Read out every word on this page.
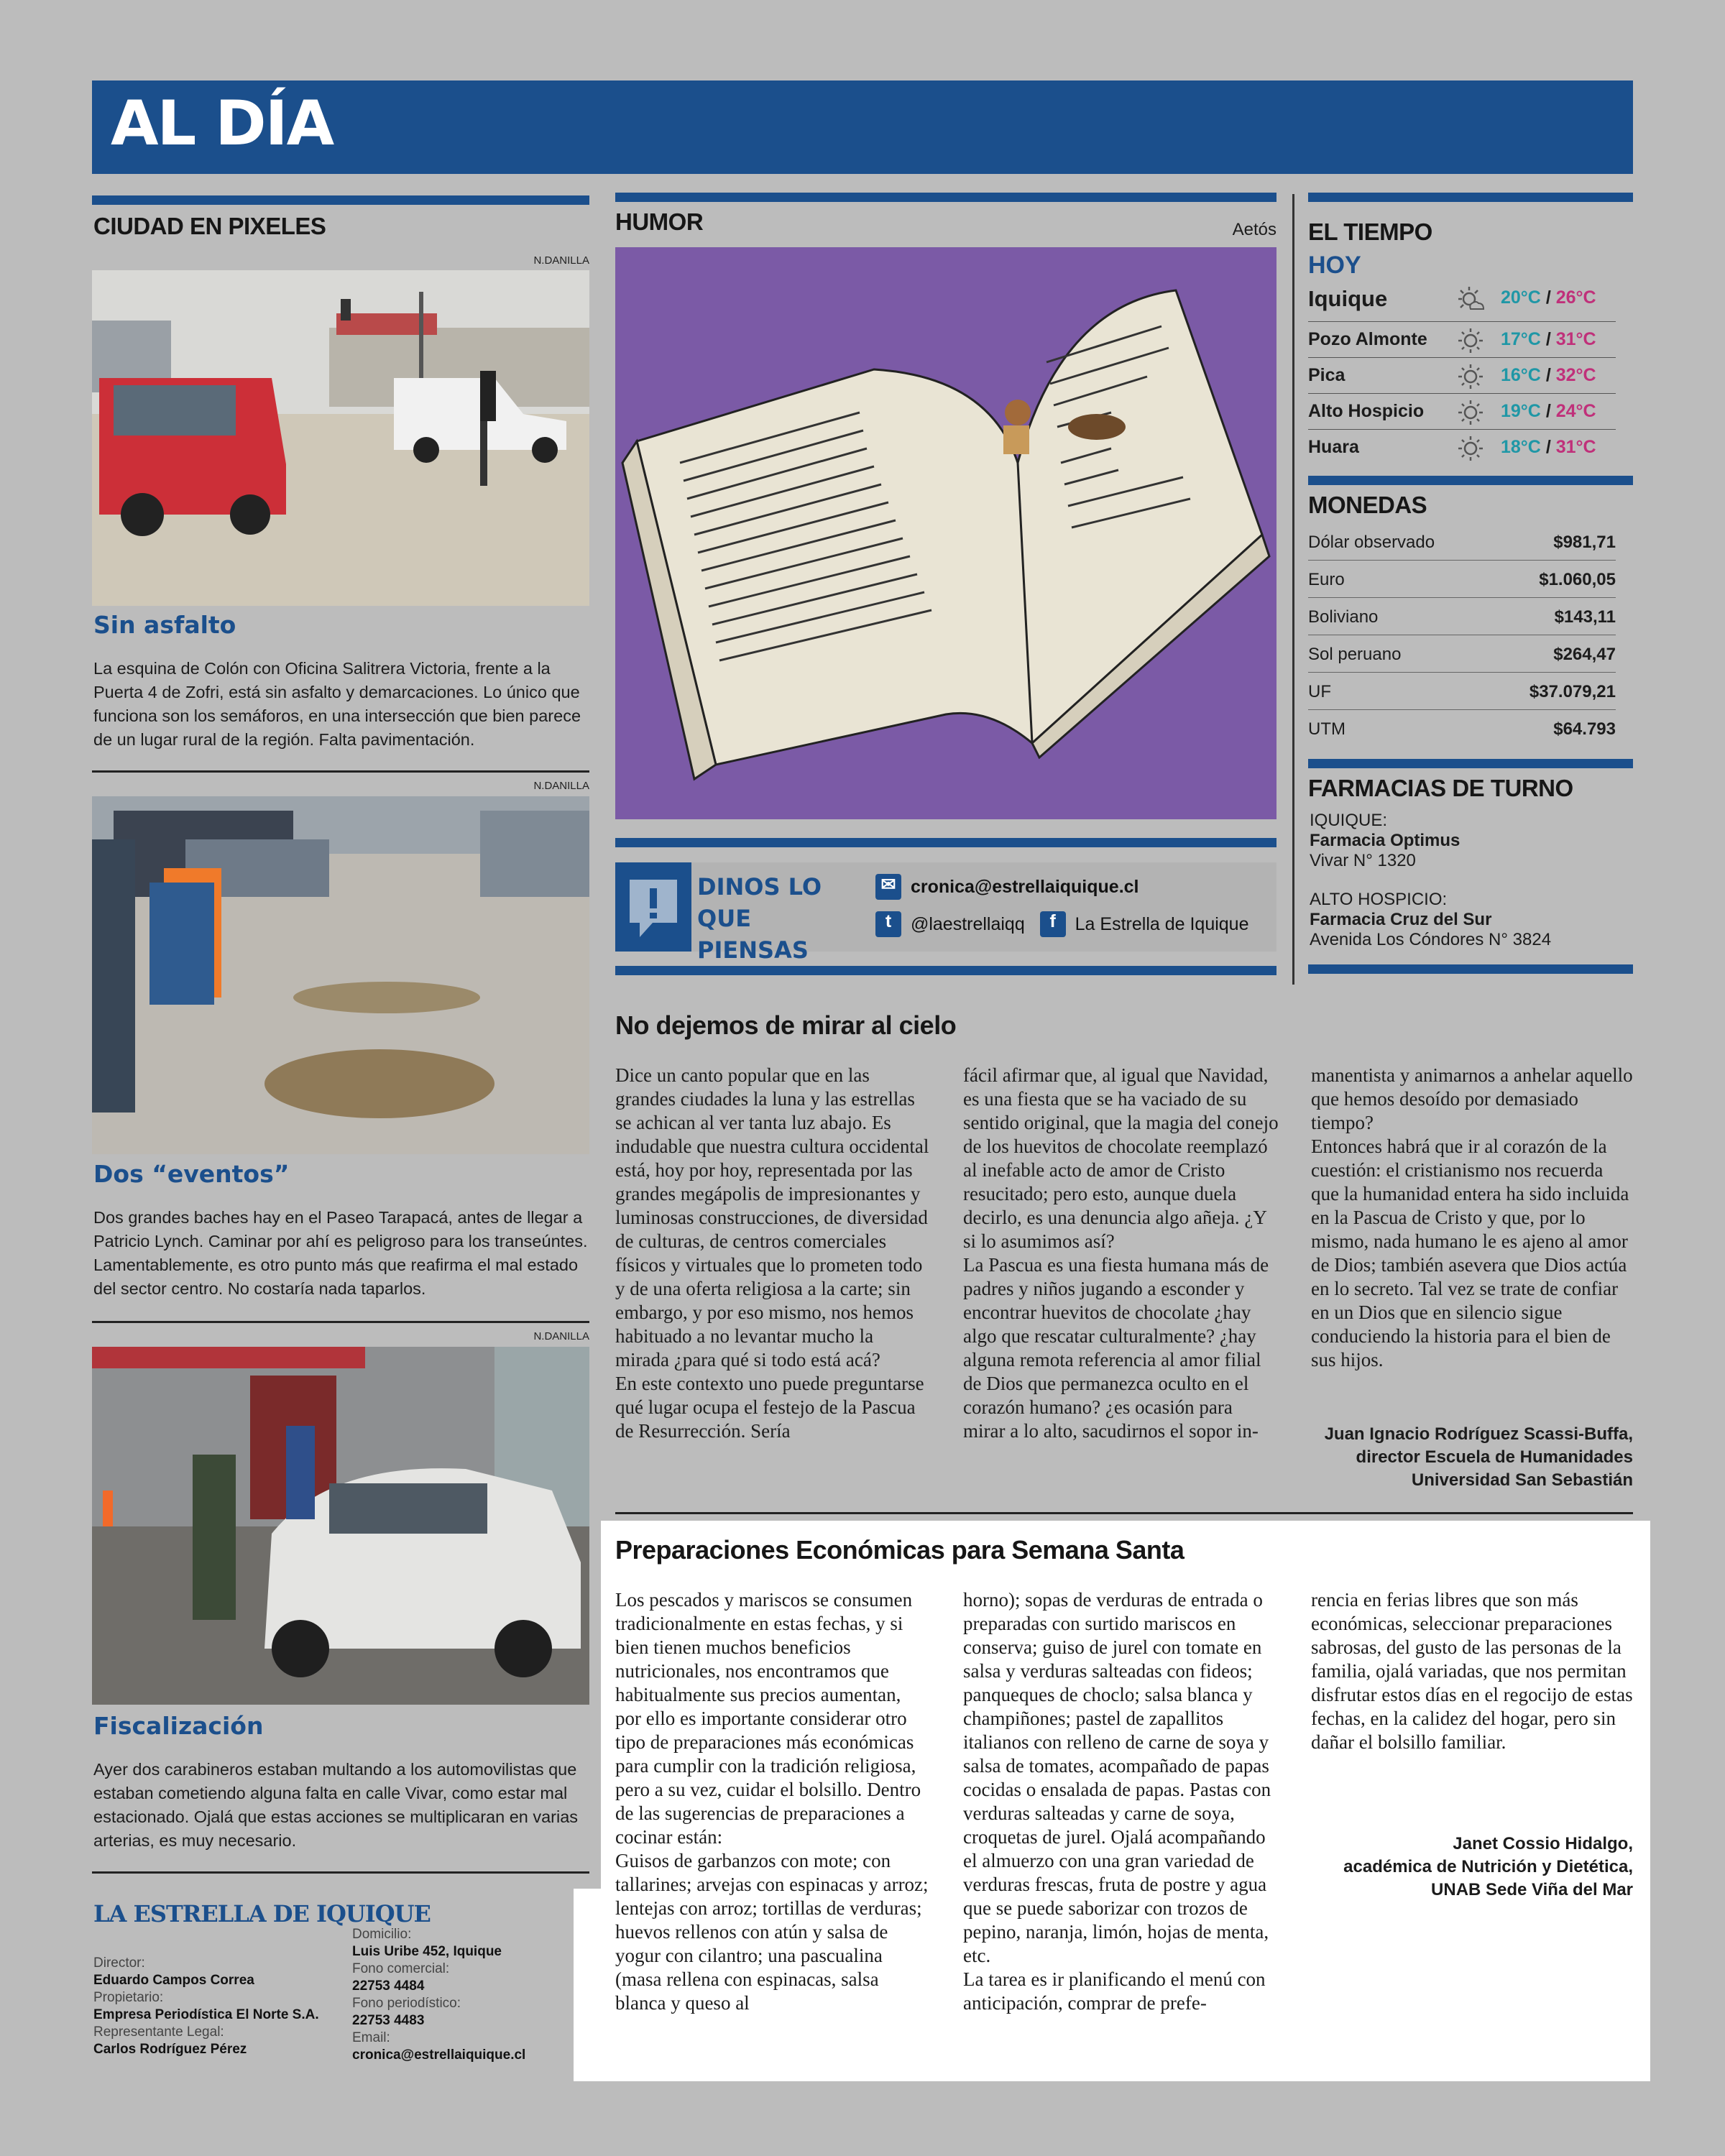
AL DÍA
CIUDAD EN PIXELES
N.DANILLA
Sin asfalto
La esquina de Colón con Oficina Salitrera Victoria, frente a la Puerta 4 de Zofri, está sin asfalto y demarcaciones. Lo único que funciona son los semáforos, en una intersección que bien parece de un lugar rural de la región. Falta pavimentación.
N.DANILLA
Dos “eventos”
Dos grandes baches hay en el Paseo Tarapacá, antes de llegar a Patricio Lynch. Caminar por ahí es peligroso para los transeúntes. Lamentablemente, es otro punto más que reafirma el mal estado del sector centro. No costaría nada taparlos.
N.DANILLA
Fiscalización
Ayer dos carabineros estaban multando a los automovilistas que estaban cometiendo alguna falta en calle Vivar, como estar mal estacionado. Ojalá que estas acciones se multiplicaran en varias arterias, es muy necesario.
LA ESTRELLA DE IQUIQUE
Director:
Eduardo Campos Correa
Propietario:
Empresa Periodística El Norte S.A.
Representante Legal:
Carlos Rodríguez Pérez
Domicilio:
Luis Uribe 452, Iquique
Fono comercial:
22753 4484
Fono periodístico:
22753 4483
Email:
cronica@estrellaiquique.cl
HUMOR	Aetós
DINOS LO QUE PIENSAS
✉ cronica@estrellaiquique.cl
t @laestrellaiqq f La Estrella de Iquique
EL TIEMPO
HOY
Iquique	20°C / 26°C
Pozo Almonte	17°C / 31°C
Pica	16°C / 32°C
Alto Hospicio	19°C / 24°C
Huara	18°C / 31°C
MONEDAS
Dólar observado	$981,71
Euro	$1.060,05
Boliviano	$143,11
Sol peruano	$264,47
UF	$37.079,21
UTM	$64.793
FARMACIAS DE TURNO
IQUIQUE:
Farmacia Optimus
Vivar N° 1320
ALTO HOSPICIO:
Farmacia Cruz del Sur
Avenida Los Cóndores N° 3824
No dejemos de mirar al cielo
Dice un canto popular que en las grandes ciudades la luna y las estrellas se achican al ver tanta luz abajo. Es indudable que nuestra cultura occidental está, hoy por hoy, representada por las grandes megápolis de impresionantes y luminosas construcciones, de diversidad de culturas, de centros comerciales físicos y virtuales que lo prometen todo y de una oferta religiosa a la carte; sin embargo, y por eso mismo, nos hemos habituado a no levantar mucho la mirada ¿para qué si todo está acá?
En este contexto uno puede preguntarse qué lugar ocupa el festejo de la Pascua de Resurrección. Sería
fácil afirmar que, al igual que Navidad, es una fiesta que se ha vaciado de su sentido original, que la magia del conejo de los huevitos de chocolate reemplazó al inefable acto de amor de Cristo resucitado; pero esto, aunque duela decirlo, es una denuncia algo añeja. ¿Y si lo asumimos así?
La Pascua es una fiesta humana más de padres y niños jugando a esconder y encontrar huevitos de chocolate ¿hay algo que rescatar culturalmente? ¿hay alguna remota referencia al amor filial de Dios que permanezca oculto en el corazón humano? ¿es ocasión para mirar a lo alto, sacudirnos el sopor in-
manentista y animarnos a anhelar aquello que hemos desoído por demasiado tiempo?
Entonces habrá que ir al corazón de la cuestión: el cristianismo nos recuerda que la humanidad entera ha sido incluida en la Pascua de Cristo y que, por lo mismo, nada humano le es ajeno al amor de Dios; también asevera que Dios actúa en lo secreto. Tal vez se trate de confiar en un Dios que en silencio sigue conduciendo la historia para el bien de sus hijos.
Juan Ignacio Rodríguez Scassi-Buffa,
director Escuela de Humanidades
Universidad San Sebastián
Preparaciones Económicas para Semana Santa
Los pescados y mariscos se consumen tradicionalmente en estas fechas, y si bien tienen muchos beneficios nutricionales, nos encontramos que habitualmente sus precios aumentan, por ello es importante considerar otro tipo de preparaciones más económicas para cumplir con la tradición religiosa, pero a su vez, cuidar el bolsillo. Dentro de las sugerencias de preparaciones a cocinar están:
Guisos de garbanzos con mote; con tallarines; arvejas con espinacas y arroz; lentejas con arroz; tortillas de verduras; huevos rellenos con atún y salsa de yogur con cilantro; una pascualina (masa rellena con espinacas, salsa blanca y queso al
horno); sopas de verduras de entrada o preparadas con surtido mariscos en conserva; guiso de jurel con tomate en salsa y verduras salteadas con fideos; panqueques de choclo; salsa blanca y champiñones; pastel de zapallitos italianos con relleno de carne de soya y salsa de tomates, acompañado de papas cocidas o ensalada de papas. Pastas con verduras salteadas y carne de soya, croquetas de jurel. Ojalá acompañando el almuerzo con una gran variedad de verduras frescas, fruta de postre y agua que se puede saborizar con trozos de pepino, naranja, limón, hojas de menta, etc.
La tarea es ir planificando el menú con anticipación, comprar de prefe-
rencia en ferias libres que son más económicas, seleccionar preparaciones sabrosas, del gusto de las personas de la familia, ojalá variadas, que nos permitan disfrutar estos días en el regocijo de estas fechas, en la calidez del hogar, pero sin dañar el bolsillo familiar.
Janet Cossio Hidalgo,
académica de Nutrición y Dietética,
UNAB Sede Viña del Mar
